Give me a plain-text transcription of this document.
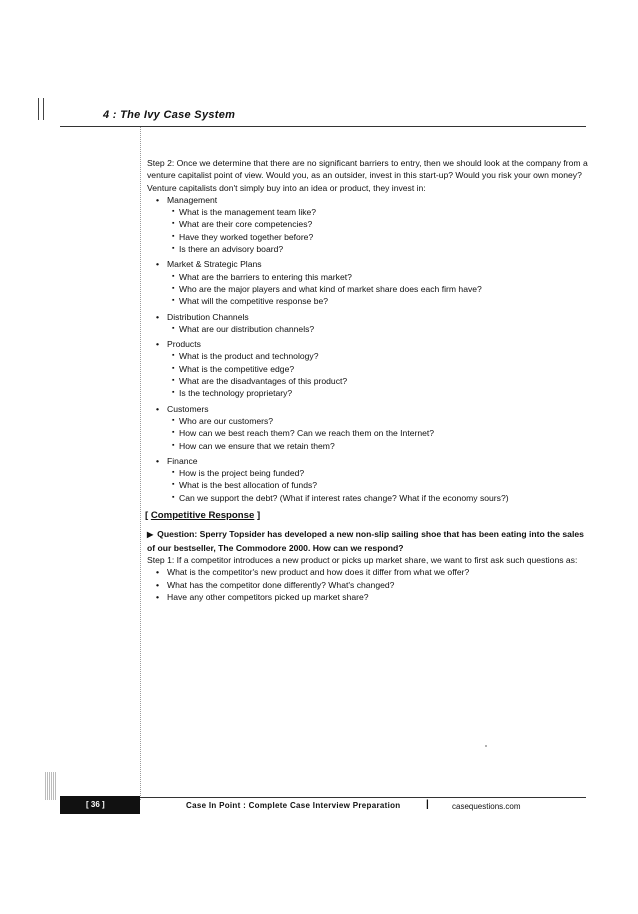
4 : The Ivy Case System

Step 2: Once we determine that there are no significant barriers to entry, then we should look at the company from a venture capitalist point of view. Would you, as an outsider, invest in this start-up? Would you risk your own money? Venture capitalists don't simply buy into an idea or product, they invest in:

• Management
▪ What is the management team like?
▪ What are their core competencies?
▪ Have they worked together before?
▪ Is there an advisory board?
• Market & Strategic Plans
▪ What are the barriers to entering this market?
▪ Who are the major players and what kind of market share does each firm have?
▪ What will the competitive response be?
• Distribution Channels
▪ What are our distribution channels?
• Products
▪ What is the product and technology?
▪ What is the competitive edge?
▪ What are the disadvantages of this product?
▪ Is the technology proprietary?
• Customers
▪ Who are our customers?
▪ How can we best reach them? Can we reach them on the Internet?
▪ How can we ensure that we retain them?
• Finance
▪ How is the project being funded?
▪ What is the best allocation of funds?
▪ Can we support the debt? (What if interest rates change? What if the economy sours?)
[ Competitive Response ]

▶ Question: Sperry Topsider has developed a new non-slip sailing shoe that has been eating into the sales of our bestseller, The Commodore 2000. How can we respond?

Step 1: If a competitor introduces a new product or picks up market share, we want to first ask such questions as:

• What is the competitor's new product and how does it differ from what we offer?
• What has the competitor done differently? What's changed?
• Have any other competitors picked up market share?
[ 36 ]	Case In Point : Complete Case Interview Preparation	|	casequestions.com
